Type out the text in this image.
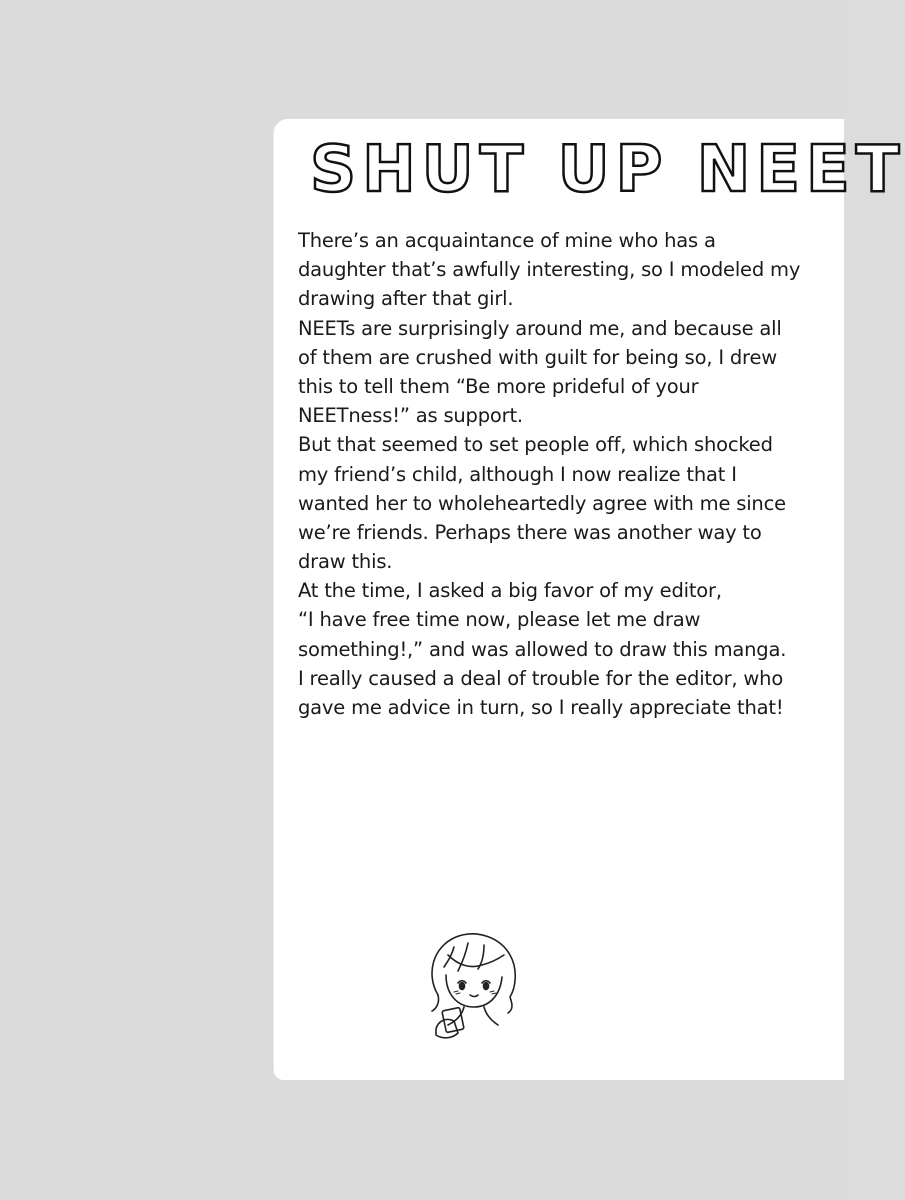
SHUT UP NEET
There’s an acquaintance of mine who has a
daughter that’s awfully interesting, so I modeled my
drawing after that girl.
NEETs are surprisingly around me, and because all
of them are crushed with guilt for being so, I drew
this to tell them “Be more prideful of your
NEETness!” as support.
But that seemed to set people off, which shocked
my friend’s child, although I now realize that I
wanted her to wholeheartedly agree with me since
we’re friends. Perhaps there was another way to
draw this.
At the time, I asked a big favor of my editor,
“I have free time now, please let me draw
something!,” and was allowed to draw this manga.
I really caused a deal of trouble for the editor, who
gave me advice in turn, so I really appreciate that!
